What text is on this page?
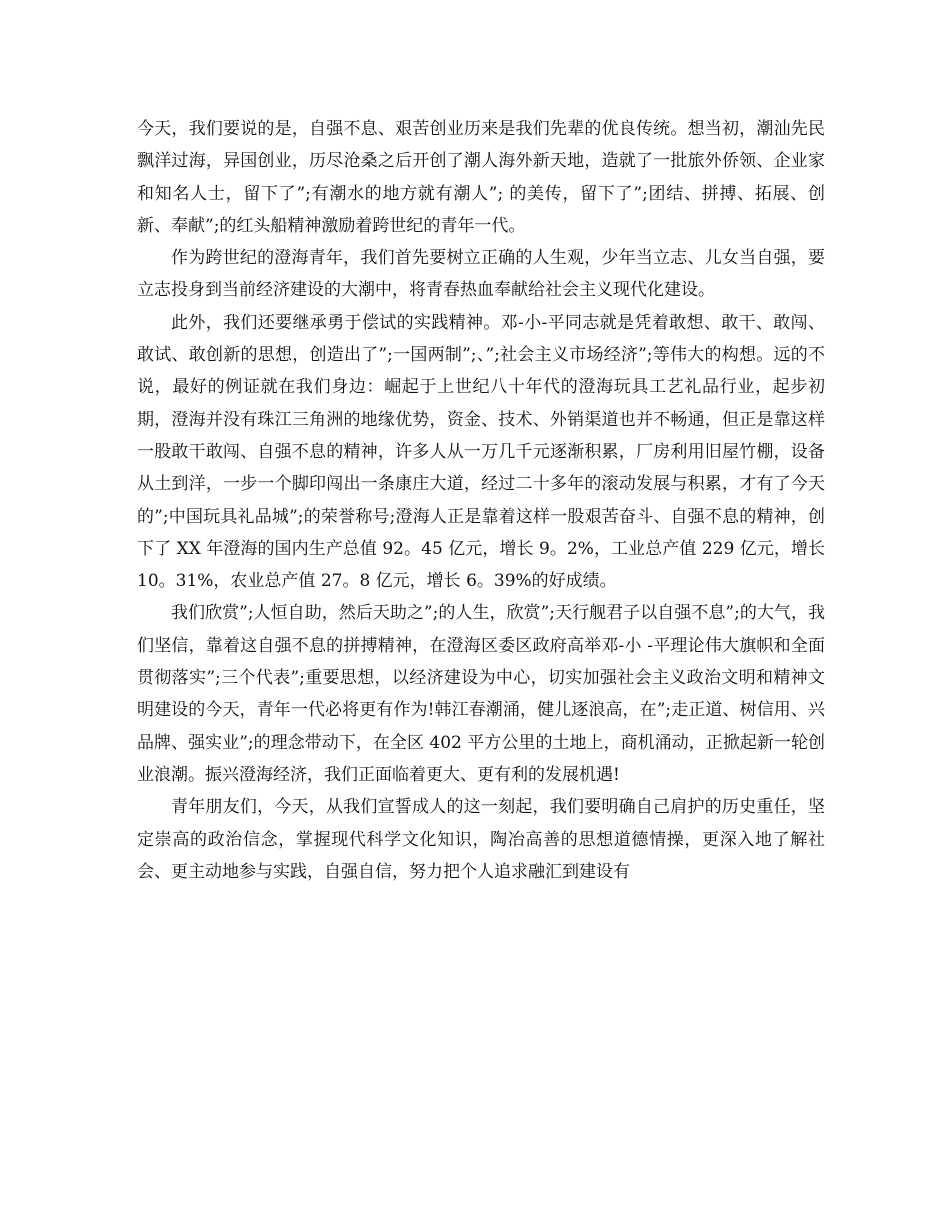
今天，我们要说的是，自强不息、艰苦创业历来是我们先辈的优良传统。想当初，潮汕先民飘洋过海，异国创业，历尽沧桑之后开创了潮人海外新天地，造就了一批旅外侨领、企业家和知名人士，留下了”;有潮水的地方就有潮人”; 的美传，留下了”;团结、拼搏、拓展、创新、奉献”;的红头船精神激励着跨世纪的青年一代。

作为跨世纪的澄海青年，我们首先要树立正确的人生观，少年当立志、儿女当自强，要立志投身到当前经济建设的大潮中，将青春热血奉献给社会主义现代化建设。

此外，我们还要继承勇于偿试的实践精神。邓-小-平同志就是凭着敢想、敢干、敢闯、敢试、敢创新的思想，创造出了”;一国两制”;、”;社会主义市场经济”;等伟大的构想。远的不说，最好的例证就在我们身边：崛起于上世纪八十年代的澄海玩具工艺礼品行业，起步初期，澄海并没有珠江三角洲的地缘优势，资金、技术、外销渠道也并不畅通，但正是靠这样一股敢干敢闯、自强不息的精神，许多人从一万几千元逐渐积累，厂房利用旧屋竹棚，设备从土到洋，一步一个脚印闯出一条康庄大道，经过二十多年的滚动发展与积累，才有了今天的”;中国玩具礼品城”;的荣誉称号;澄海人正是靠着这样一股艰苦奋斗、自强不息的精神，创下了 XX 年澄海的国内生产总值 92。45 亿元，增长 9。2%，工业总产值 229 亿元，增长 10。31%，农业总产值 27。8 亿元，增长 6。39%的好成绩。

我们欣赏”;人恒自助，然后天助之”;的人生，欣赏”;天行舰君子以自强不息”;的大气，我们坚信，靠着这自强不息的拼搏精神，在澄海区委区政府高举邓-小 -平理论伟大旗帜和全面贯彻落实”;三个代表”;重要思想，以经济建设为中心，切实加强社会主义政治文明和精神文明建设的今天，青年一代必将更有作为!韩江春潮涌，健儿逐浪高，在”;走正道、树信用、兴品牌、强实业”;的理念带动下，在全区 402 平方公里的土地上，商机涌动，正掀起新一轮创业浪潮。振兴澄海经济，我们正面临着更大、更有利的发展机遇!

青年朋友们，今天，从我们宣誓成人的这一刻起，我们要明确自己肩护的历史重任，坚定崇高的政治信念，掌握现代科学文化知识，陶冶高善的思想道德情操，更深入地了解社会、更主动地参与实践，自强自信，努力把个人追求融汇到建设有
